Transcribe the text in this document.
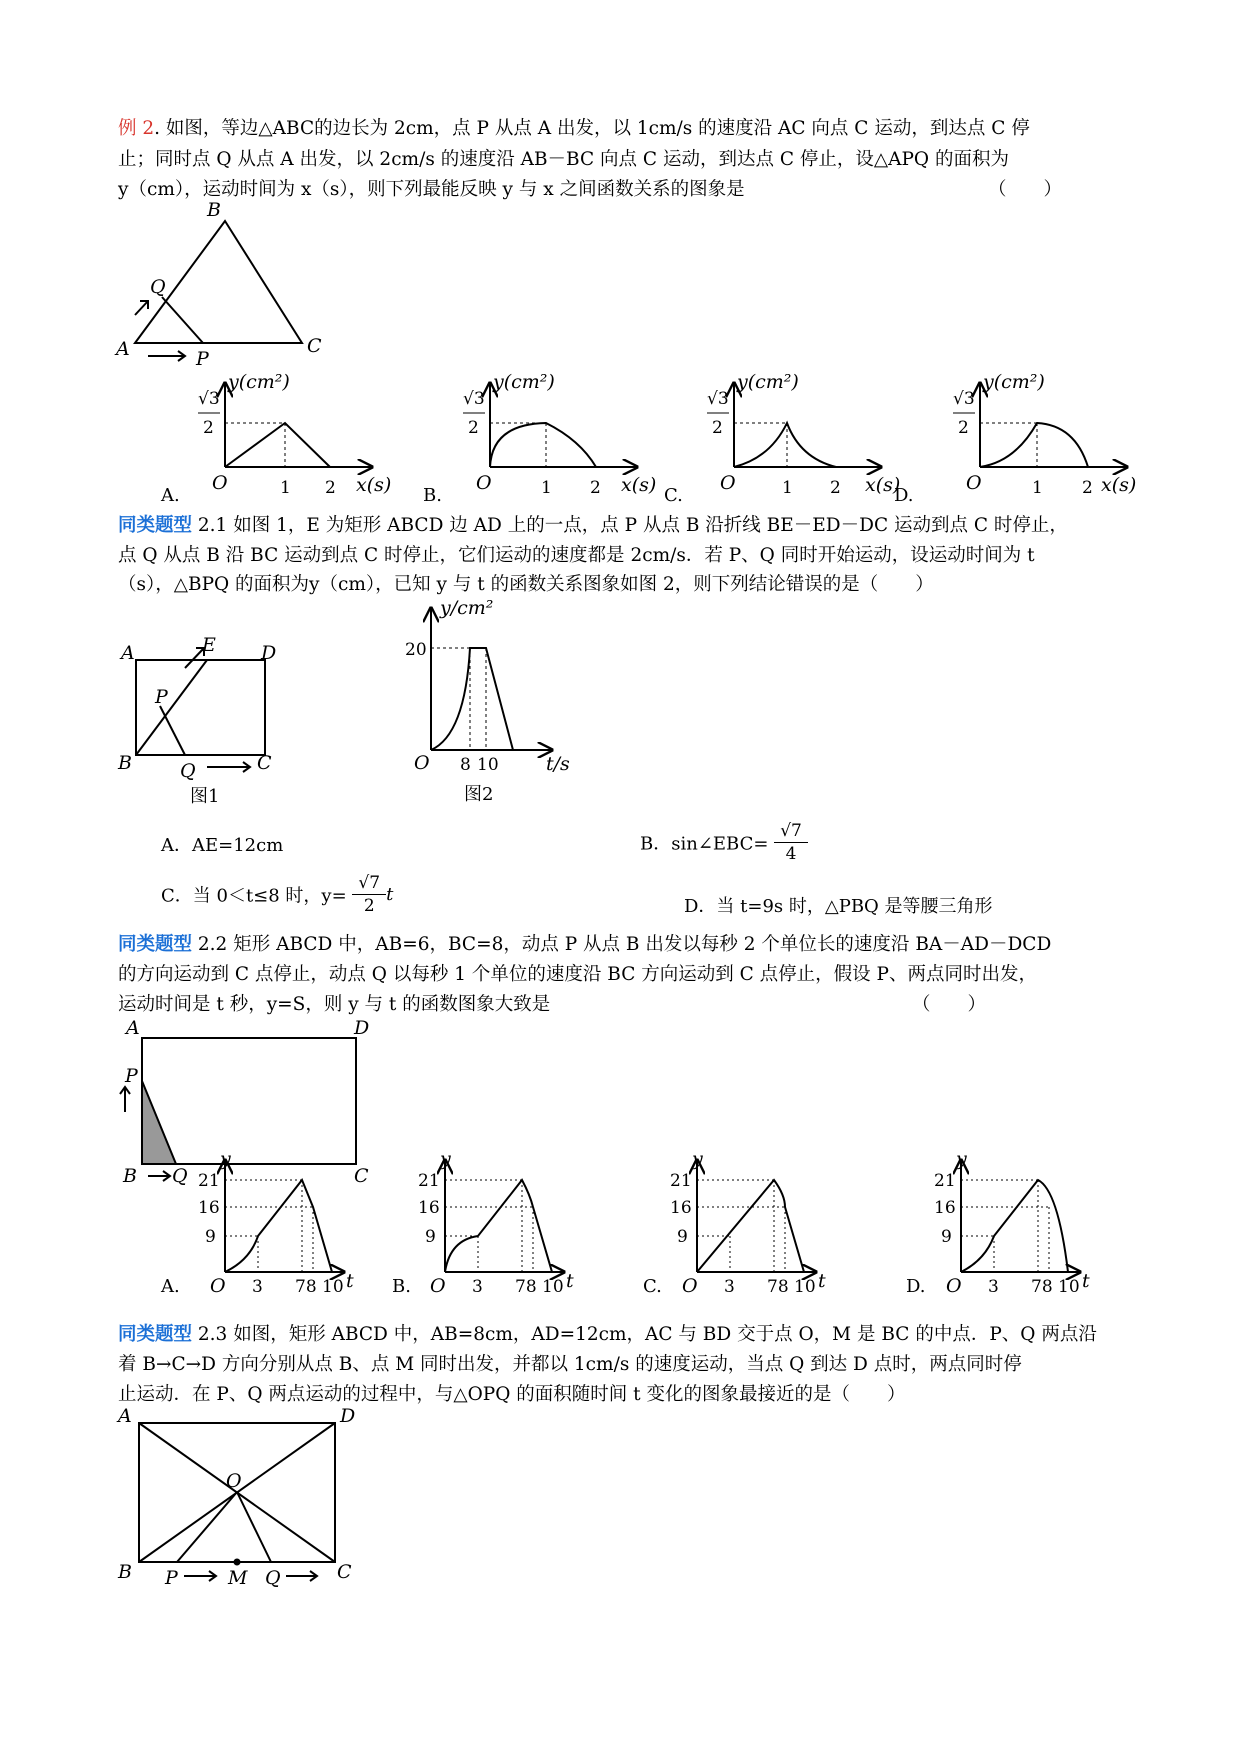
例 2. 如图，等边△ABC的边长为 2cm，点 P 从点 A 出发，以 1cm/s 的速度沿 AC 向点 C 运动，到达点 C 停
止；同时点 Q 从点 A 出发，以 2cm/s 的速度沿 AB－BC 向点 C 运动，到达点 C 停止，设△APQ 的面积为
y（cm），运动时间为 x（s），则下列最能反映 y 与 x 之间函数关系的图象是	（　　）
A
B
C
P
Q
√3
2
y(cm²)
O	1 2 x(s)
√3
2
y(cm²)
O	1 2 x(s)
√3
2
y(cm²)
O	1 2 x(s)
√3
2
y(cm²)
O	1 2 x(s)
A.	B.	C.	D.
同类题型 2.1 如图 1，E 为矩形 ABCD 边 AD 上的一点，点 P 从点 B 沿折线 BE－ED－DC 运动到点 C 时停止，
点 Q 从点 B 沿 BC 运动到点 C 时停止，它们运动的速度都是 2cm/s．若 P、Q 同时开始运动，设运动时间为 t
（s），△BPQ 的面积为y（cm），已知 y 与 t 的函数关系图象如图 2，则下列结论错误的是（　　）
A	E D
P
B	Q	C
图1
y/cm²
20
O 8 10 t/s
图2
A．AE=12cm	B．sin∠EBC= $\frac{√7}{4}$
C．当 0＜t≤8 时，$y= \frac{√7}{2}$ t
D．当 t=9s 时，△PBQ 是等腰三角形
同类题型 2.2 矩形 ABCD 中，AB=6，BC=8，动点 P 从点 B 出发以每秒 2 个单位长的速度沿 BA－AD－DCD
的方向运动到 C 点停止，动点 Q 以每秒 1 个单位的速度沿 BC 方向运动到 C 点停止，假设 P、两点同时出发，
运动时间是 t 秒，y=S，则 y 与 t 的函数图象大致是	（　　）
A	D
P
B Q	C
y
21
16
9
O 3 78 10 t
y
21
16
9
O 3 78 10 t
y
21
16
9
O 3 78 10 t
y
21
16
9
O 3 78 10 t
A.	B.	C.	D.
同类题型 2.3 如图，矩形 ABCD 中，AB=8cm，AD=12cm，AC 与 BD 交于点 O，M 是 BC 的中点．P、Q 两点沿
着 B→C→D 方向分别从点 B、点 M 同时出发，并都以 1cm/s 的速度运动，当点 Q 到达 D 点时，两点同时停
止运动．在 P、Q 两点运动的过程中，与△OPQ 的面积随时间 t 变化的图象最接近的是（　　）
A	D
O
B P	M Q	C
